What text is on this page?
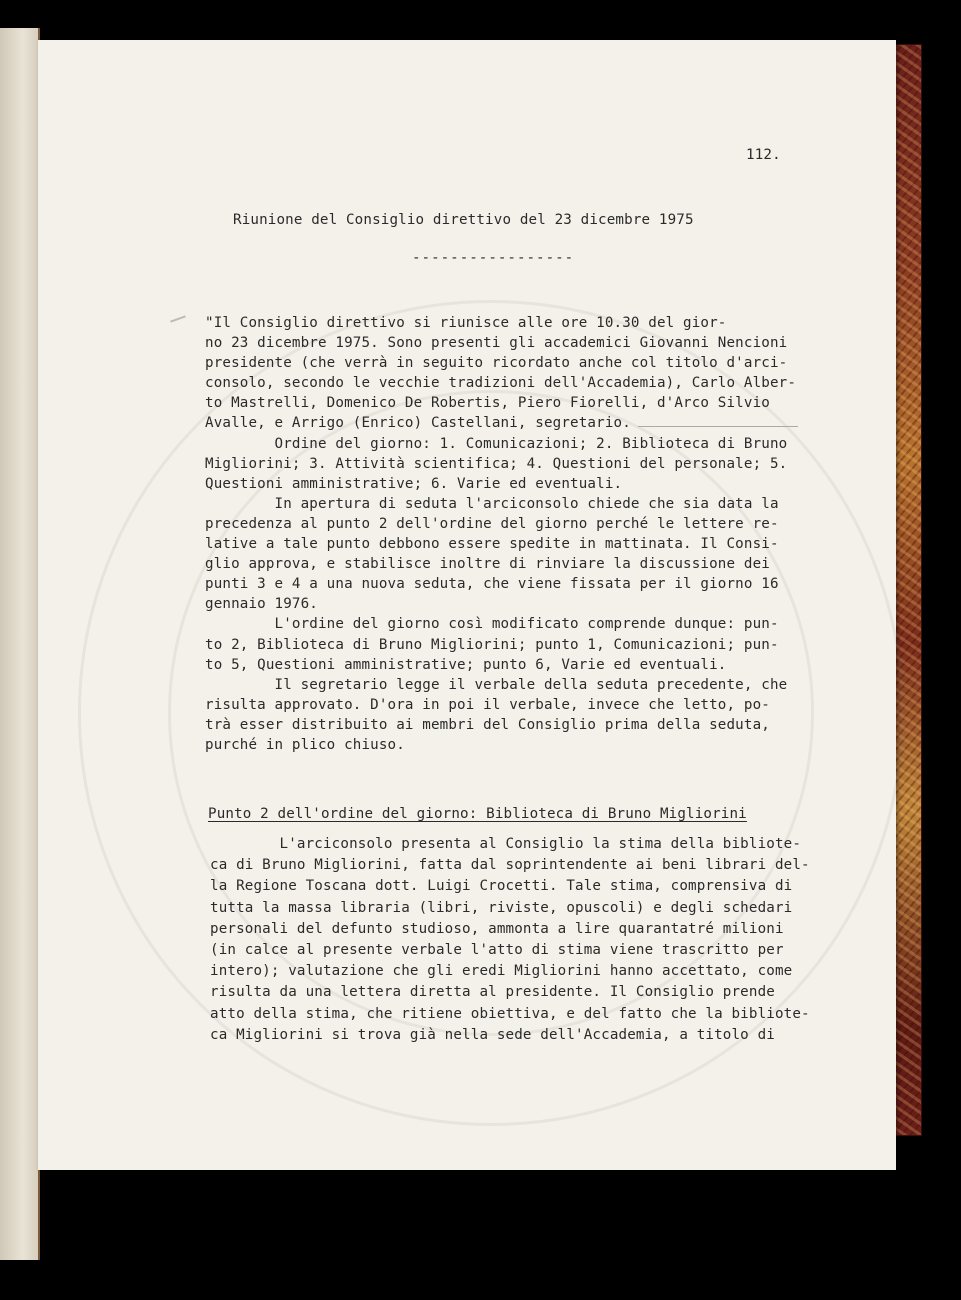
112.
Riunione del Consiglio direttivo del 23 dicembre 1975
-----------------
"Il Consiglio direttivo si riunisce alle ore 10.30 del gior-
no 23 dicembre 1975. Sono presenti gli accademici Giovanni Nencioni
presidente (che verrà in seguito ricordato anche col titolo d'arci-
consolo, secondo le vecchie tradizioni dell'Accademia), Carlo Alber-
to Mastrelli, Domenico De Robertis, Piero Fiorelli, d'Arco Silvio
Avalle, e Arrigo (Enrico) Castellani, segretario.
Ordine del giorno: 1. Comunicazioni; 2. Biblioteca di Bruno
Migliorini; 3. Attività scientifica; 4. Questioni del personale; 5.
Questioni amministrative; 6. Varie ed eventuali.
In apertura di seduta l'arciconsolo chiede che sia data la
precedenza al punto 2 dell'ordine del giorno perché le lettere re-
lative a tale punto debbono essere spedite in mattinata. Il Consi-
glio approva, e stabilisce inoltre di rinviare la discussione dei
punti 3 e 4 a una nuova seduta, che viene fissata per il giorno 16
gennaio 1976.
L'ordine del giorno così modificato comprende dunque: pun-
to 2, Biblioteca di Bruno Migliorini; punto 1, Comunicazioni; pun-
to 5, Questioni amministrative; punto 6, Varie ed eventuali.
Il segretario legge il verbale della seduta precedente, che
risulta approvato. D'ora in poi il verbale, invece che letto, po-
trà esser distribuito ai membri del Consiglio prima della seduta,
purché in plico chiuso.
Punto 2 dell'ordine del giorno: Biblioteca di Bruno Migliorini
L'arciconsolo presenta al Consiglio la stima della bibliote-
ca di Bruno Migliorini, fatta dal soprintendente ai beni librari del-
la Regione Toscana dott. Luigi Crocetti. Tale stima, comprensiva di
tutta la massa libraria (libri, riviste, opuscoli) e degli schedari
personali del defunto studioso, ammonta a lire quarantatré milioni
(in calce al presente verbale l'atto di stima viene trascritto per
intero); valutazione che gli eredi Migliorini hanno accettato, come
risulta da una lettera diretta al presidente. Il Consiglio prende
atto della stima, che ritiene obiettiva, e del fatto che la bibliote-
ca Migliorini si trova già nella sede dell'Accademia, a titolo di
